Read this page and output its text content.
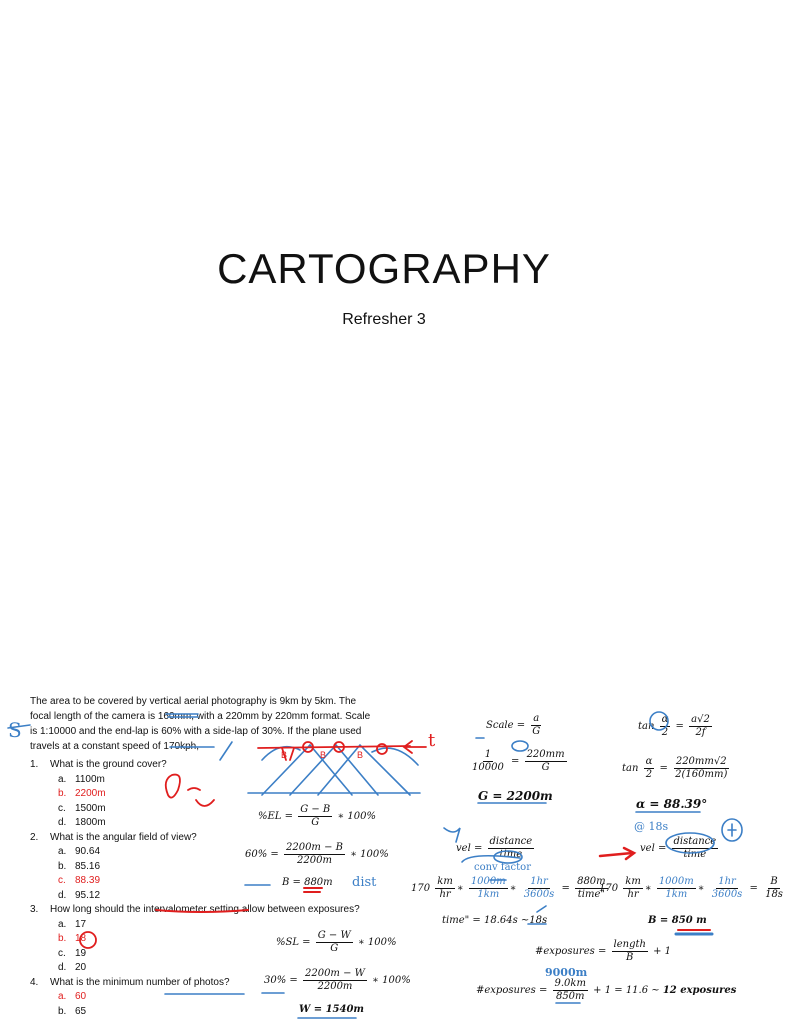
CARTOGRAPHY
Refresher 3
The area to be covered by vertical aerial photography is 9km by 5km. The
focal length of the camera is 160mm, with a 220mm by 220mm format. Scale
is 1:10000 and the end-lap is 60% with a side-lap of 30%. If the plane used
travels at a constant speed of 170kph,
1.	What is the ground cover?
a. 1100m
b. 2200m
c. 1500m
d. 1800m
2.	What is the angular field of view?
a. 90.64
b. 85.16
c. 88.39
d. 95.12
3.	How long should the intervalometer setting allow between exposures?
a. 17
b. 18
c. 19
d. 20
4.	What is the minimum number of photos?
a. 60
b. 65
Scale = $\frac{a}{G}$
$\frac{1}{10000} = \frac{220mm}{G}$
G = 2200m
$\tan \frac{\alpha}{2} = \frac{a√2}{2f}$
$\tan \frac{\alpha}{2} = \frac{220mm√2}{2(160mm)}$
α = 88.39°
$\%EL = \frac{G - B}{G}$ ∗ 100%
$60\% = \frac{2200m - B}{2200m}$ ∗ 100%
B = 880m dist
vel = $\frac{\text{distance}}{\text{time}}$
conv factor
$170 \frac{km}{hr}$ ∗ $\frac{1000m}{1km}$ ∗ $\frac{1hr}{3600s} = \frac{880m}{\text{time"}}$
time" = 18.64s ~18s
@ 18s
vel = $\frac{\text{distance}}{\text{time}}$
$170 \frac{km}{hr}$ ∗ $\frac{1000m}{1km}$ ∗ $\frac{1hr}{3600s} = \frac{B}{18s}$
B = 850 m
$\%SL = \frac{G - W}{G}$ ∗ 100%
$30\% = \frac{2200m - W}{2200m}$ ∗ 100%
W = 1540m
#exposures = $\frac{\text{length}}{B} + 1$
9000m
#exposures = $\frac{9.0km}{850m} + 1 = 11.6$ ~ 12 exposures
S	t
B	B	B
